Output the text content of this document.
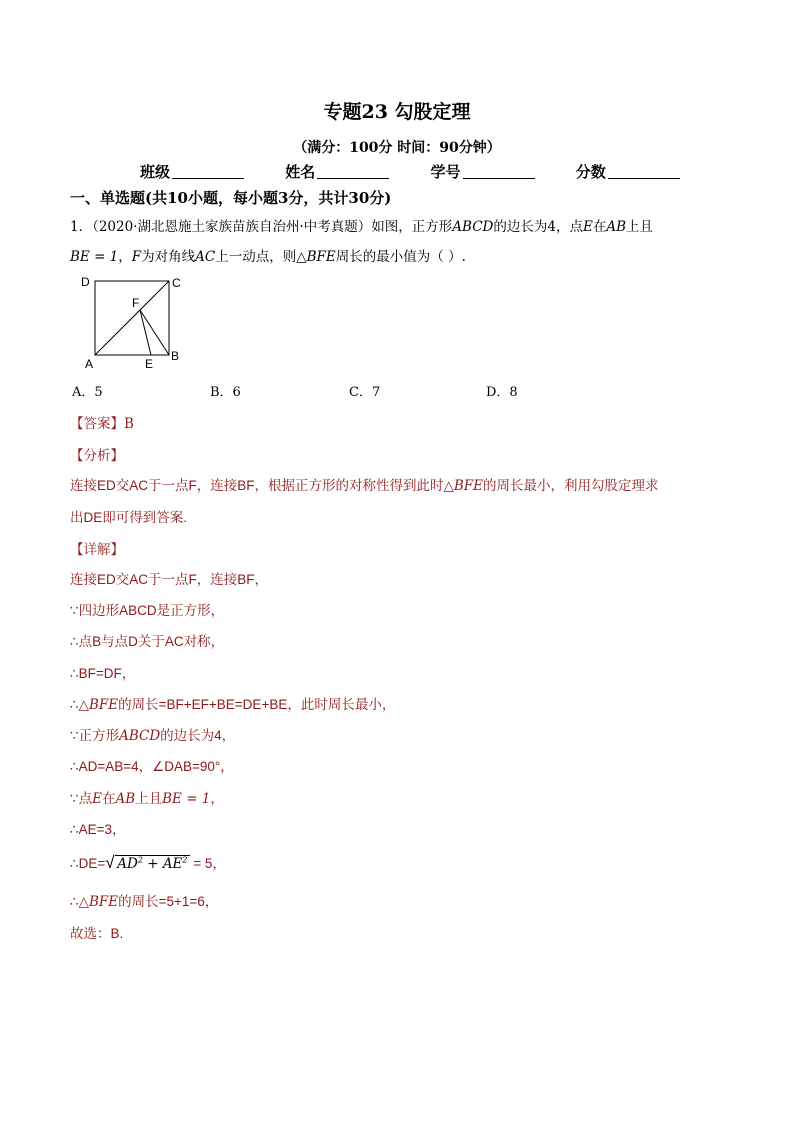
专题23 勾股定理
（满分：100分 时间：90分钟）
班级	姓名	学号	分数
一、单选题(共10小题，每小题3分，共计30分)
1．（2020·湖北恩施土家族苗族自治州·中考真题）如图，正方形ABCD的边长为4，点E在AB上且
BE = 1，F为对角线AC上一动点，则△BFE周长的最小值为（ ）.
D	C
F
A	E
B
A．5	B．6	C．7	D．8
【答案】B
【分析】
连接ED交AC于一点F，连接BF，根据正方形的对称性得到此时△BFE的周长最小，利用勾股定理求
出DE即可得到答案.
【详解】
连接ED交AC于一点F，连接BF，
∵四边形ABCD是正方形，
∴点B与点D关于AC对称，
∴BF=DF，
∴△BFE的周长=BF+EF+BE=DE+BE，此时周长最小，
∵正方形ABCD的边长为4，
∴AD=AB=4，∠DAB=90°，
∵点E在AB上且BE = 1，
∴AE=3，
∴DE= √ $AD^2 + AE^2 = 5$，
∴△BFE的周长=5+1=6，
故选：B.
